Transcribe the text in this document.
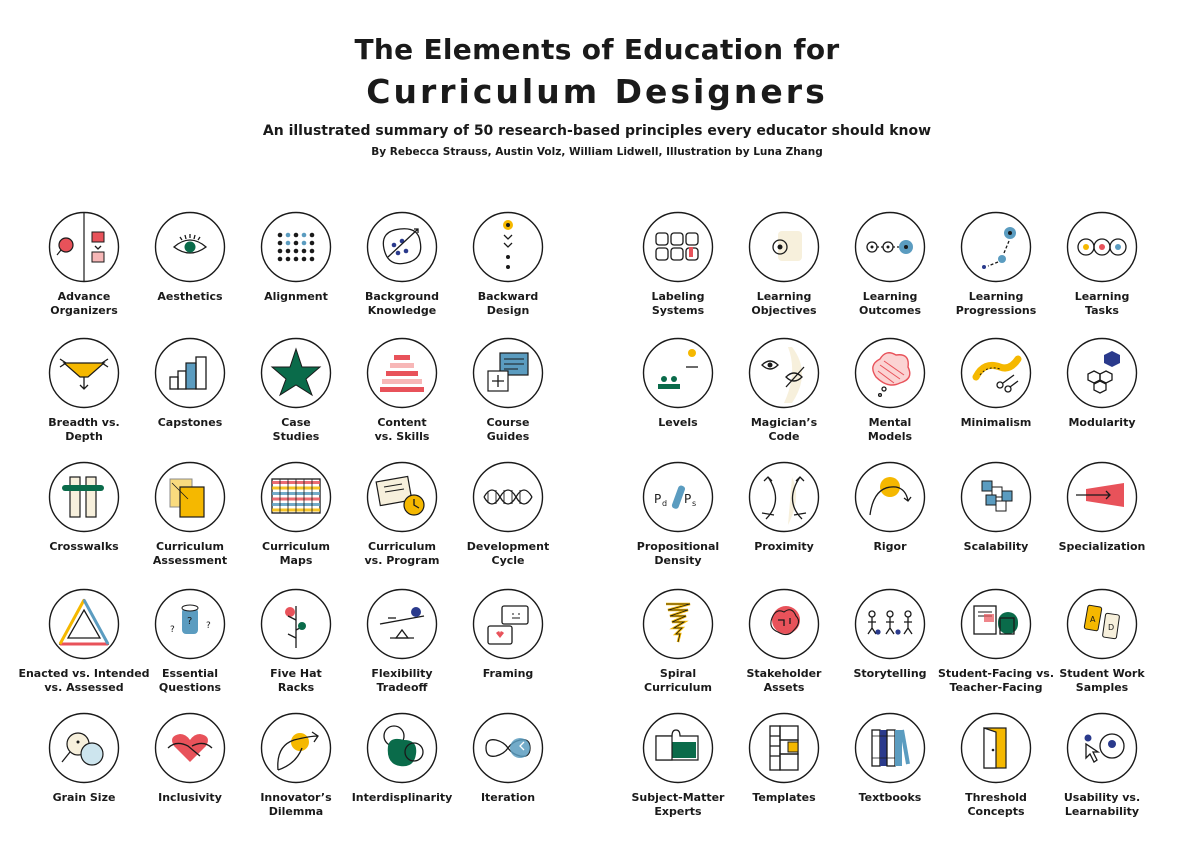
The Elements of Education for
Curriculum Designers
An illustrated summary of 50 research-based principles every educator should know
By Rebecca Strauss, Austin Volz, William Lidwell, Illustration by Luna Zhang
Advance
Organizers
Aesthetics	Alignment	Background
Knowledge
Backward
Design
Labeling
Systems
Learning
Objectives
Learning
Outcomes
Learning
Progressions
Learning
Tasks
Breadth vs.
Depth
Capstones	Case
Studies
Content
vs. Skills
Course
Guides
Levels	Magician’s
Code
Mental
Models
Minimalism	Modularity
Crosswalks	Curriculum
Assessment
Curriculum
Maps
Curriculum
vs. Program
Development
Cycle
P d P s
Propositional
Density
Proximity	Rigor	Scalability	Specialization
Enacted vs. Intended
vs. Assessed
?
?	?
Essential
Questions
Five Hat
Racks
Flexibility
Tradeoff
Framing	Spiral
Curriculum
Stakeholder
Assets
Storytelling	Student-Facing vs.
Teacher-Facing
A
D
Student Work
Samples
Grain Size	Inclusivity	Innovator’s
Dilemma
Interdisplinarity	Iteration	Subject-Matter
Experts
Templates	Textbooks	Threshold
Concepts
Usability vs.
Learnability
